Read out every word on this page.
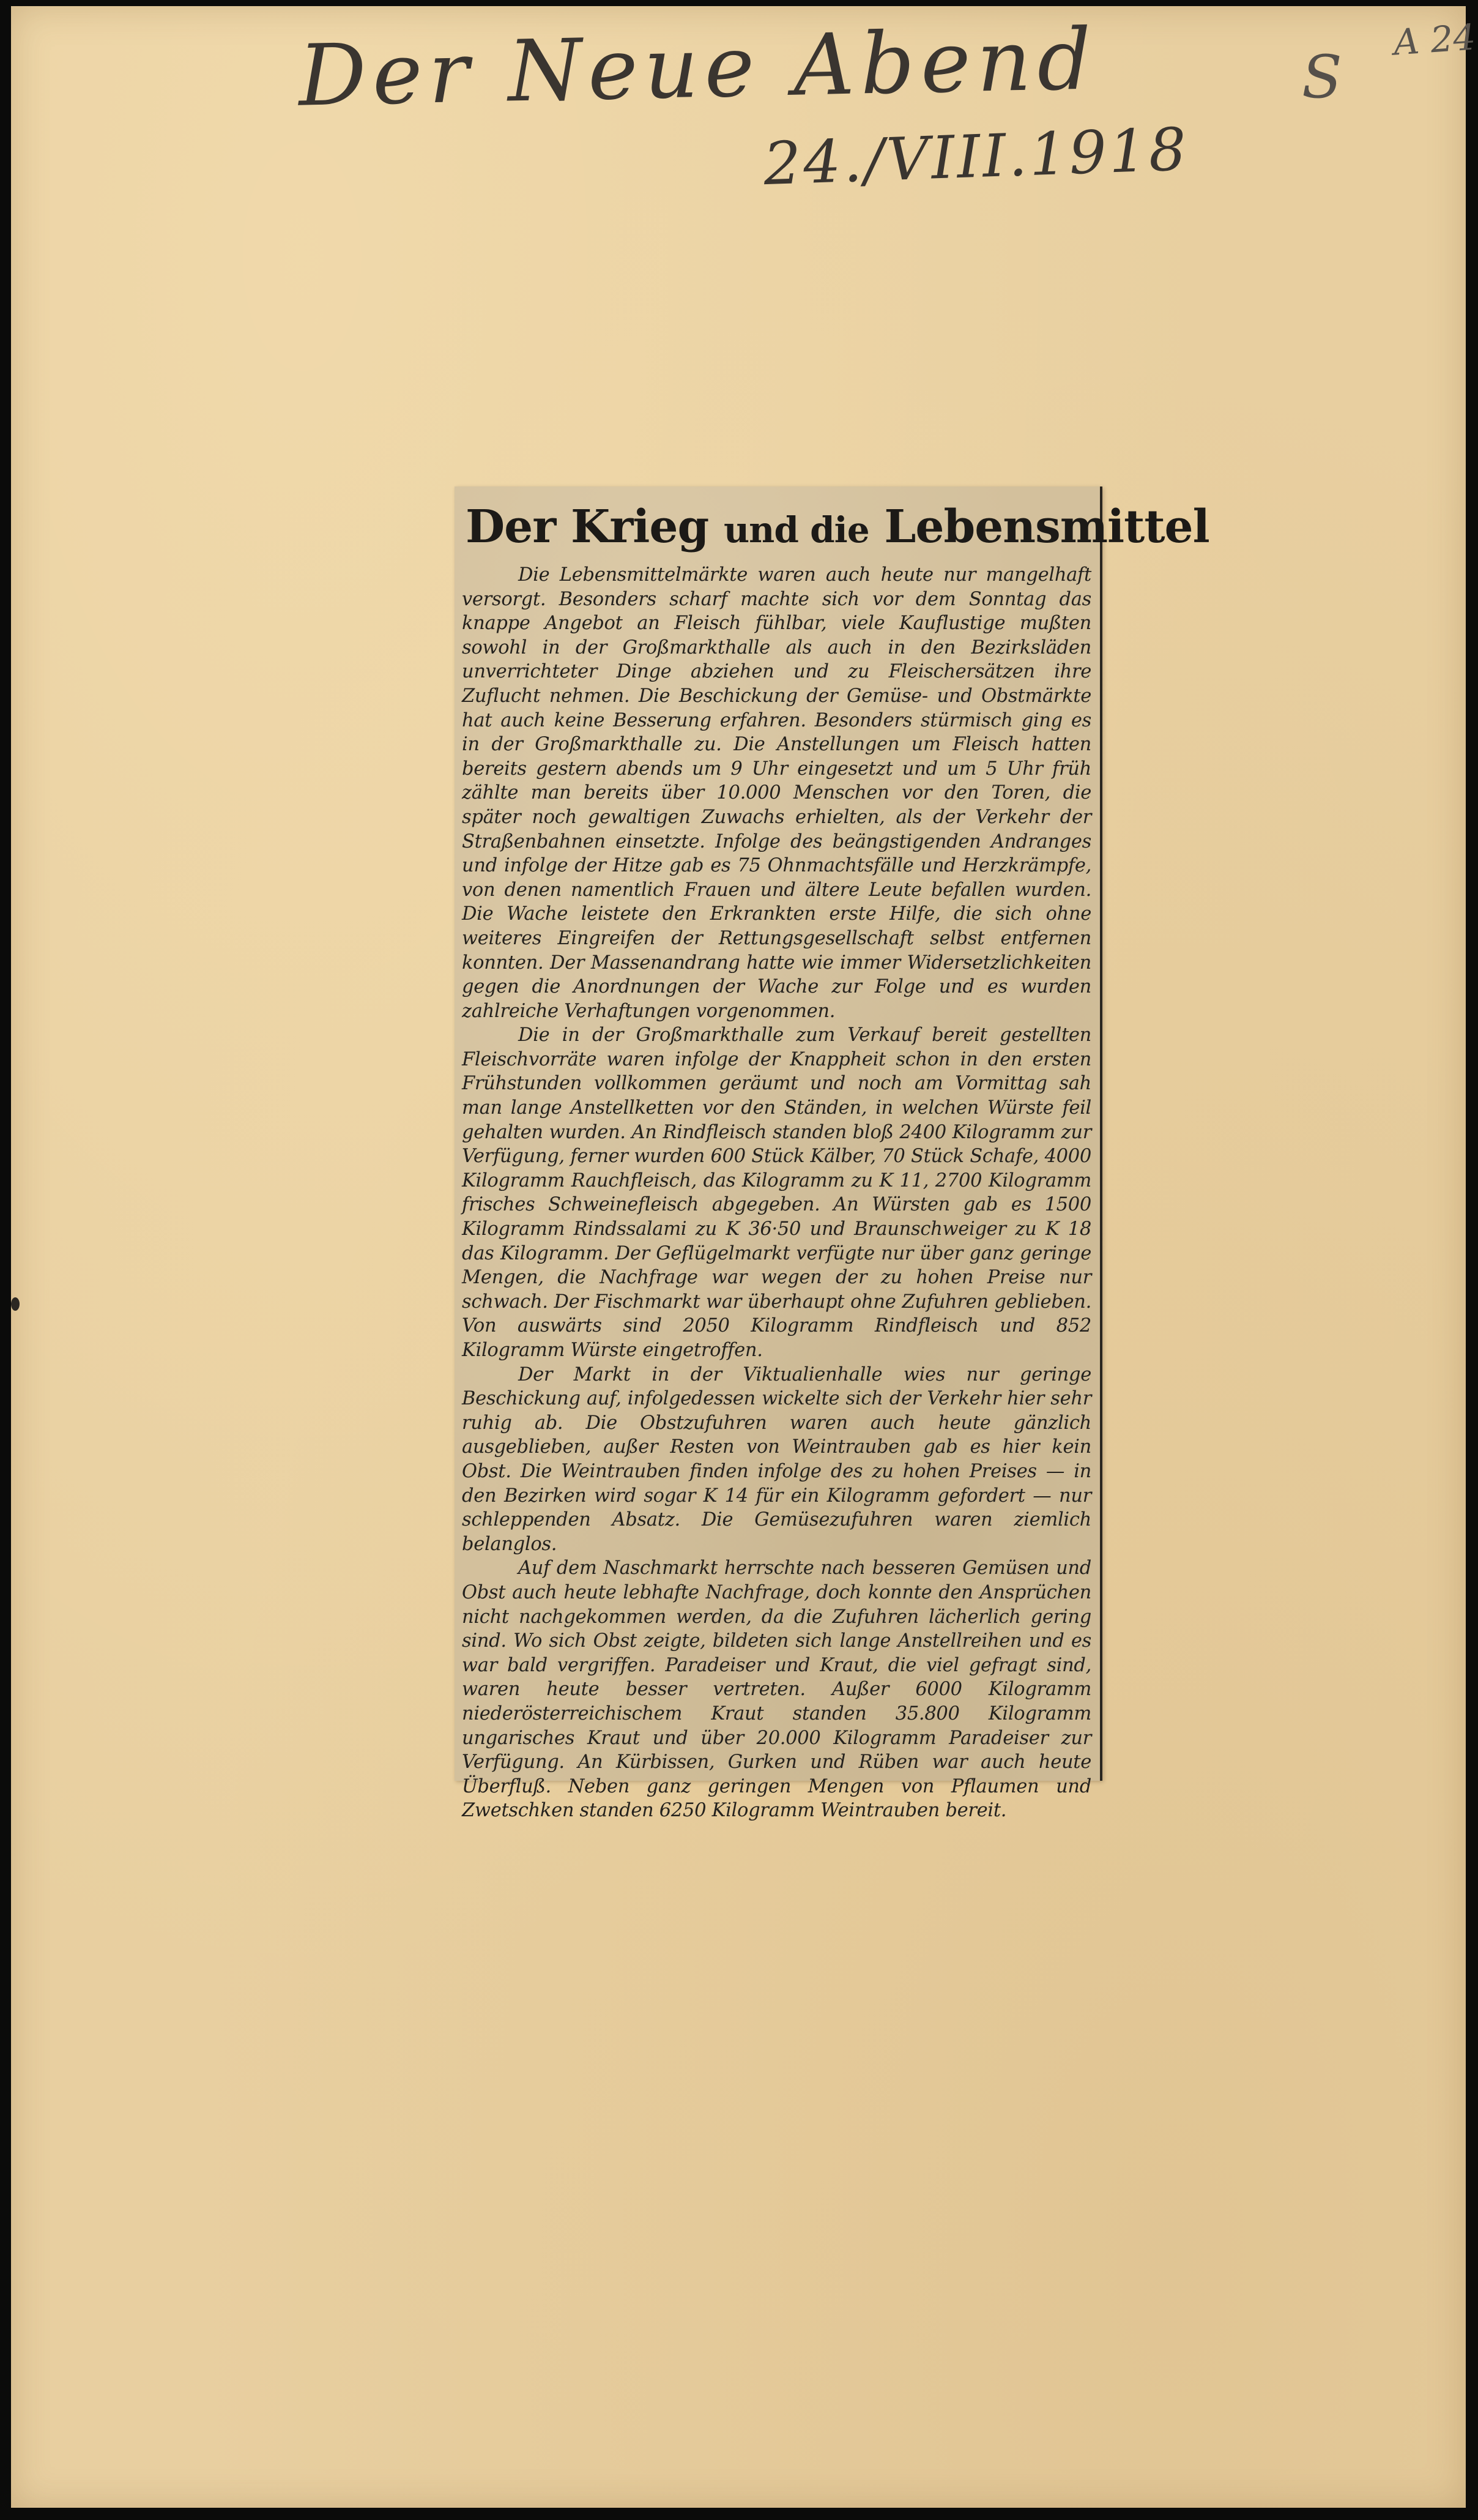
Der Neue Abend
24./VIII.1918
S
A 24
Der Krieg und die Lebensmittel

Die Lebensmittelmärkte waren auch heute nur mangelhaft versorgt. Besonders scharf machte sich vor dem Sonntag das knappe Angebot an Fleisch fühlbar, viele Kauflustige mußten sowohl in der Großmarkthalle als auch in den Bezirksläden unverrichteter Dinge abziehen und zu Fleischersätzen ihre Zuflucht nehmen. Die Beschickung der Gemüse- und Obstmärkte hat auch keine Besserung erfahren. Besonders stürmisch ging es in der Großmarkthalle zu. Die Anstellungen um Fleisch hatten bereits gestern abends um 9 Uhr eingesetzt und um 5 Uhr früh zählte man bereits über 10.000 Menschen vor den Toren, die später noch gewaltigen Zuwachs erhielten, als der Verkehr der Straßenbahnen einsetzte. Infolge des beängstigenden Andranges und infolge der Hitze gab es 75 Ohnmachtsfälle und Herzkrämpfe, von denen namentlich Frauen und ältere Leute befallen wurden. Die Wache leistete den Erkrankten erste Hilfe, die sich ohne weiteres Eingreifen der Rettungsgesellschaft selbst entfernen konnten. Der Massenandrang hatte wie immer Widersetzlichkeiten gegen die Anordnungen der Wache zur Folge und es wurden zahlreiche Verhaftungen vorgenommen.

Die in der Großmarkthalle zum Verkauf bereit gestellten Fleischvorräte waren infolge der Knappheit schon in den ersten Frühstunden vollkommen geräumt und noch am Vormittag sah man lange Anstellketten vor den Ständen, in welchen Würste feil gehalten wurden. An Rindfleisch standen bloß 2400 Kilogramm zur Verfügung, ferner wurden 600 Stück Kälber, 70 Stück Schafe, 4000 Kilogramm Rauchfleisch, das Kilogramm zu K 11, 2700 Kilogramm frisches Schweinefleisch abgegeben. An Würsten gab es 1500 Kilogramm Rindssalami zu K 36·50 und Braunschweiger zu K 18 das Kilogramm. Der Geflügelmarkt verfügte nur über ganz geringe Mengen, die Nachfrage war wegen der zu hohen Preise nur schwach. Der Fischmarkt war überhaupt ohne Zufuhren geblieben. Von auswärts sind 2050 Kilogramm Rindfleisch und 852 Kilogramm Würste eingetroffen.

Der Markt in der Viktualienhalle wies nur geringe Beschickung auf, infolgedessen wickelte sich der Verkehr hier sehr ruhig ab. Die Obstzufuhren waren auch heute gänzlich ausgeblieben, außer Resten von Weintrauben gab es hier kein Obst. Die Weintrauben finden infolge des zu hohen Preises — in den Bezirken wird sogar K 14 für ein Kilogramm gefordert — nur schleppenden Absatz. Die Gemüsezufuhren waren ziemlich belanglos.

Auf dem Naschmarkt herrschte nach besseren Gemüsen und Obst auch heute lebhafte Nachfrage, doch konnte den Ansprüchen nicht nachgekommen werden, da die Zufuhren lächerlich gering sind. Wo sich Obst zeigte, bildeten sich lange Anstellreihen und es war bald vergriffen. Paradeiser und Kraut, die viel gefragt sind, waren heute besser vertreten. Außer 6000 Kilogramm niederösterreichischem Kraut standen 35.800 Kilogramm ungarisches Kraut und über 20.000 Kilogramm Paradeiser zur Verfügung. An Kürbissen, Gurken und Rüben war auch heute Überfluß. Neben ganz geringen Mengen von Pflaumen und Zwetschken standen 6250 Kilogramm Weintrauben bereit.
